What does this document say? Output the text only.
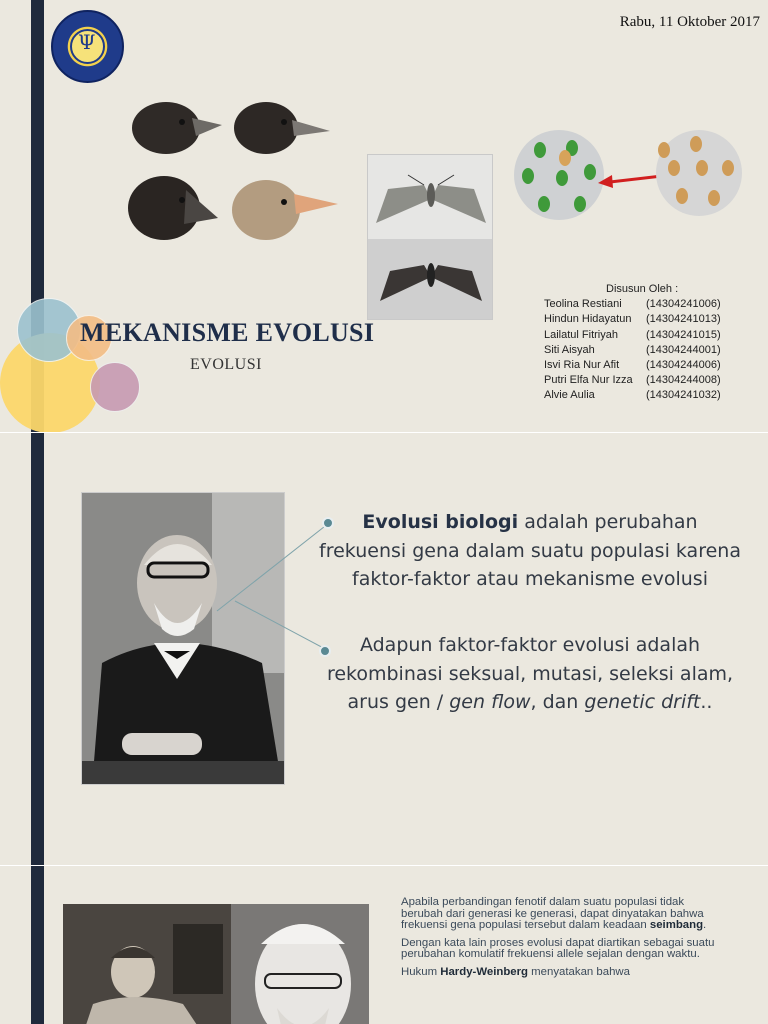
Ψ
Rabu, 11 Oktober 2017
MEKANISME EVOLUSI
EVOLUSI
Disusun Oleh :
Teolina Restiani	(14304241006)
Hindun Hidayatun	(14304241013)
Lailatul Fitriyah	(14304241015)
Siti Aisyah	(14304244001)
Isvi Ria Nur Afit	(14304244006)
Putri Elfa Nur Izza	(14304244008)
Alvie Aulia	(14304241032)
Evolusi biologi adalah perubahan frekuensi gena dalam suatu populasi karena faktor-faktor atau mekanisme evolusi
Adapun faktor-faktor evolusi adalah rekombinasi seksual, mutasi, seleksi alam, arus gen / gen flow, dan genetic drift..

Apabila perbandingan fenotif dalam suatu populasi tidak berubah dari generasi ke generasi, dapat dinyatakan bahwa frekuensi gena populasi tersebut dalam keadaan seimbang.

Dengan kata lain proses evolusi dapat diartikan sebagai suatu perubahan komulatif frekuensi allele sejalan dengan waktu.

Hukum Hardy-Weinberg menyatakan bahwa
